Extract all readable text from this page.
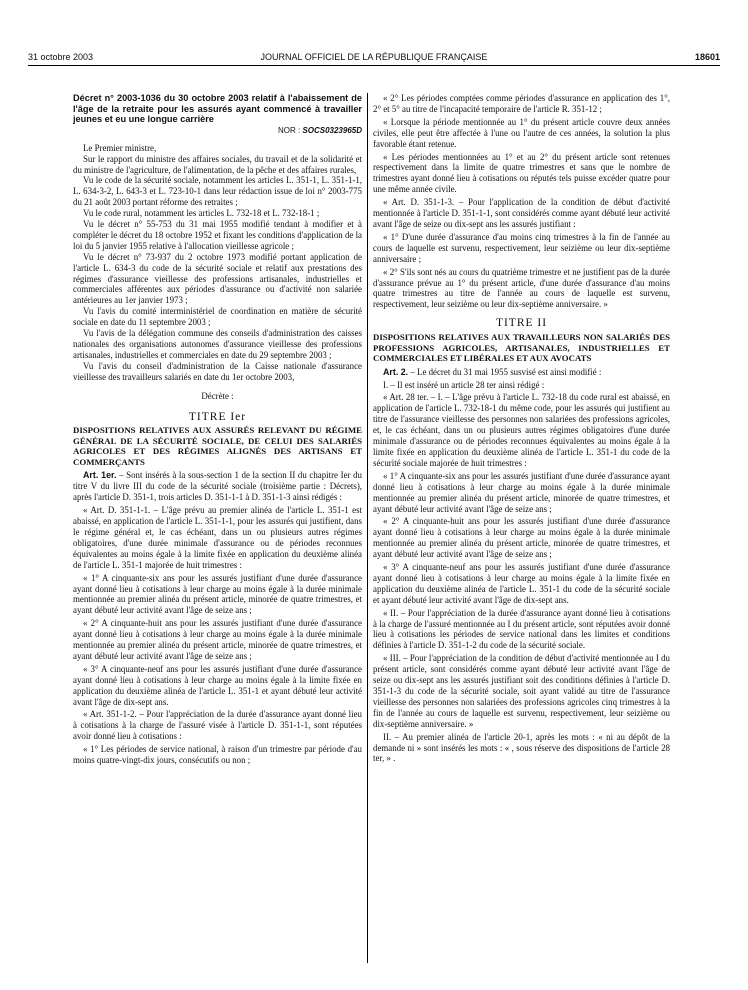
31 octobre 2003	JOURNAL OFFICIEL DE LA RÉPUBLIQUE FRANÇAISE	18601

Décret n° 2003-1036 du 30 octobre 2003 relatif à l'abaissement de l'âge de la retraite pour les assurés ayant commencé à travailler jeunes et eu une longue carrière

NOR : SOCS0323965D

Le Premier ministre,

Sur le rapport du ministre des affaires sociales, du travail et de la solidarité et du ministre de l'agriculture, de l'alimentation, de la pêche et des affaires rurales,

Vu le code de la sécurité sociale, notamment les articles L. 351-1, L. 351-1-1, L. 634-3-2, L. 643-3 et L. 723-10-1 dans leur rédaction issue de loi n° 2003-775 du 21 août 2003 portant réforme des retraites ;

Vu le code rural, notamment les articles L. 732-18 et L. 732-18-1 ;

Vu le décret n° 55-753 du 31 mai 1955 modifié tendant à modifier et à compléter le décret du 18 octobre 1952 et fixant les conditions d'application de la loi du 5 janvier 1955 relative à l'allocation vieillesse agricole ;

Vu le décret n° 73-937 du 2 octobre 1973 modifié portant application de l'article L. 634-3 du code de la sécurité sociale et relatif aux prestations des régimes d'assurance vieillesse des professions artisanales, industrielles et commerciales afférentes aux périodes d'assurance ou d'activité non salariée antérieures au 1er janvier 1973 ;

Vu l'avis du comité interministériel de coordination en matière de sécurité sociale en date du 11 septembre 2003 ;

Vu l'avis de la délégation commune des conseils d'administration des caisses nationales des organisations autonomes d'assurance vieillesse des professions artisanales, industrielles et commerciales en date du 29 septembre 2003 ;

Vu l'avis du conseil d'administration de la Caisse nationale d'assurance vieillesse des travailleurs salariés en date du 1er octobre 2003,

Décrète :

TITRE Ier

DISPOSITIONS RELATIVES AUX ASSURÉS RELEVANT DU RÉGIME GÉNÉRAL DE LA SÉCURITÉ SOCIALE, DE CELUI DES SALARIÉS AGRICOLES ET DES RÉGIMES ALIGNÉS DES ARTISANS ET COMMERÇANTS

Art. 1er. – Sont insérés à la sous-section 1 de la section II du chapitre Ier du titre V du livre III du code de la sécurité sociale (troisième partie : Décrets), après l'article D. 351-1, trois articles D. 351-1-1 à D. 351-1-3 ainsi rédigés :

« Art. D. 351-1-1. – L'âge prévu au premier alinéa de l'article L. 351-1 est abaissé, en application de l'article L. 351-1-1, pour les assurés qui justifient, dans le régime général et, le cas échéant, dans un ou plusieurs autres régimes obligatoires, d'une durée minimale d'assurance ou de périodes reconnues équivalentes au moins égale à la limite fixée en application du deuxième alinéa de l'article L. 351-1 majorée de huit trimestres :

« 1° A cinquante-six ans pour les assurés justifiant d'une durée d'assurance ayant donné lieu à cotisations à leur charge au moins égale à la durée minimale mentionnée au premier alinéa du présent article, minorée de quatre trimestres, et ayant débuté leur activité avant l'âge de seize ans ;

« 2° A cinquante-huit ans pour les assurés justifiant d'une durée d'assurance ayant donné lieu à cotisations à leur charge au moins égale à la durée minimale mentionnée au premier alinéa du présent article, minorée de quatre trimestres, et ayant débuté leur activité avant l'âge de seize ans ;

« 3° A cinquante-neuf ans pour les assurés justifiant d'une durée d'assurance ayant donné lieu à cotisations à leur charge au moins égale à la limite fixée en application du deuxième alinéa de l'article L. 351-1 et ayant débuté leur activité avant l'âge de dix-sept ans.

« Art. 351-1-2. – Pour l'appréciation de la durée d'assurance ayant donné lieu à cotisations à la charge de l'assuré visée à l'article D. 351-1-1, sont réputées avoir donné lieu à cotisations :

« 1° Les périodes de service national, à raison d'un trimestre par période d'au moins quatre-vingt-dix jours, consécutifs ou non ;

« 2° Les périodes comptées comme périodes d'assurance en application des 1°, 2° et 5° au titre de l'incapacité temporaire de l'article R. 351-12 ;

« Lorsque la période mentionnée au 1° du présent article couvre deux années civiles, elle peut être affectée à l'une ou l'autre de ces années, la solution la plus favorable étant retenue.

« Les périodes mentionnées au 1° et au 2° du présent article sont retenues respectivement dans la limite de quatre trimestres et sans que le nombre de trimestres ayant donné lieu à cotisations ou réputés tels puisse excéder quatre pour une même année civile.

« Art. D. 351-1-3. – Pour l'application de la condition de début d'activité mentionnée à l'article D. 351-1-1, sont considérés comme ayant débuté leur activité avant l'âge de seize ou dix-sept ans les assurés justifiant :

« 1° D'une durée d'assurance d'au moins cinq trimestres à la fin de l'année au cours de laquelle est survenu, respectivement, leur seizième ou leur dix-septième anniversaire ;

« 2° S'ils sont nés au cours du quatrième trimestre et ne justifient pas de la durée d'assurance prévue au 1° du présent article, d'une durée d'assurance d'au moins quatre trimestres au titre de l'année au cours de laquelle est survenu, respectivement, leur seizième ou leur dix-septième anniversaire. »

TITRE II

DISPOSITIONS RELATIVES AUX TRAVAILLEURS NON SALARIÉS DES PROFESSIONS AGRICOLES, ARTISANALES, INDUSTRIELLES ET COMMERCIALES ET LIBÉRALES ET AUX AVOCATS

Art. 2. – Le décret du 31 mai 1955 susvisé est ainsi modifié :

I. – Il est inséré un article 28 ter ainsi rédigé :

« Art. 28 ter. – I. – L'âge prévu à l'article L. 732-18 du code rural est abaissé, en application de l'article L. 732-18-1 du même code, pour les assurés qui justifient au titre de l'assurance vieillesse des personnes non salariées des professions agricoles, et, le cas échéant, dans un ou plusieurs autres régimes obligatoires d'une durée minimale d'assurance ou de périodes reconnues équivalentes au moins égale à la limite fixée en application du deuxième alinéa de l'article L. 351-1 du code de la sécurité sociale majorée de huit trimestres :

« 1° A cinquante-six ans pour les assurés justifiant d'une durée d'assurance ayant donné lieu à cotisations à leur charge au moins égale à la durée minimale mentionnée au premier alinéa du présent article, minorée de quatre trimestres, et ayant débuté leur activité avant l'âge de seize ans ;

« 2° A cinquante-huit ans pour les assurés justifiant d'une durée d'assurance ayant donné lieu à cotisations à leur charge au moins égale à la durée minimale mentionnée au premier alinéa du présent article, minorée de quatre trimestres, et ayant débuté leur activité avant l'âge de seize ans ;

« 3° A cinquante-neuf ans pour les assurés justifiant d'une durée d'assurance ayant donné lieu à cotisations à leur charge au moins égale à la limite fixée en application du deuxième alinéa de l'article L. 351-1 du code de la sécurité sociale et ayant débuté leur activité avant l'âge de dix-sept ans.

« II. – Pour l'appréciation de la durée d'assurance ayant donné lieu à cotisations à la charge de l'assuré mentionnée au I du présent article, sont réputées avoir donné lieu à cotisations les périodes de service national dans les limites et conditions définies à l'article D. 351-1-2 du code de la sécurité sociale.

« III. – Pour l'appréciation de la condition de début d'activité mentionnée au I du présent article, sont considérés comme ayant débuté leur activité avant l'âge de seize ou dix-sept ans les assurés justifiant soit des conditions définies à l'article D. 351-1-3 du code de la sécurité sociale, soit ayant validé au titre de l'assurance vieillesse des personnes non salariées des professions agricoles cinq trimestres à la fin de l'année au cours de laquelle est survenu, respectivement, leur seizième ou dix-septième anniversaire. »

II. – Au premier alinéa de l'article 20-1, après les mots : « ni au dépôt de la demande ni » sont insérés les mots : « , sous réserve des dispositions de l'article 28 ter, » .
